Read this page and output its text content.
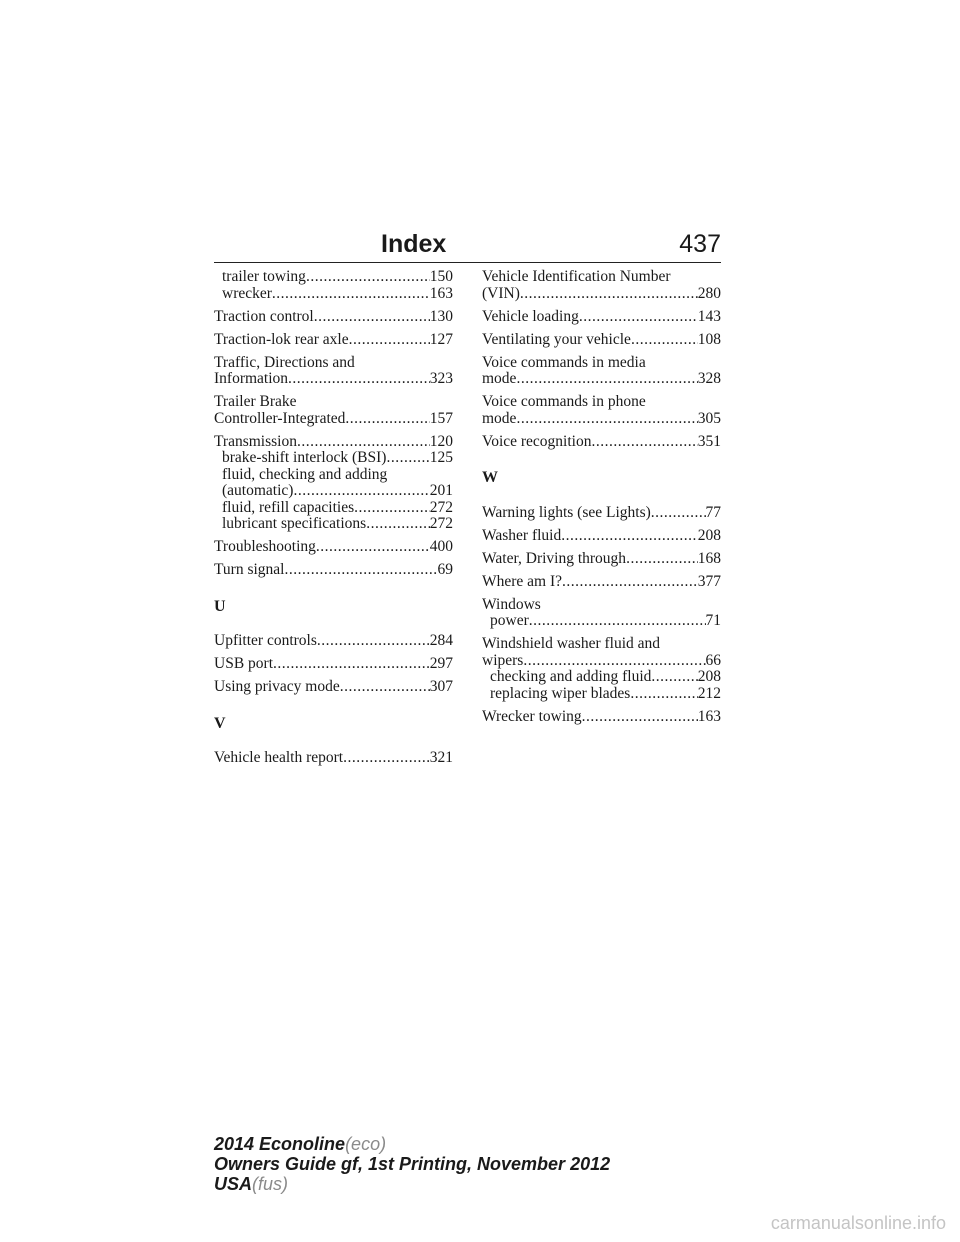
Index	437
trailer towing .....	150
wrecker .....	163
Traction control .....	130
Traction-lok rear axle .....	127
Traffic, Directions and
Information .....	323
Trailer Brake
Controller-Integrated .....	157
Transmission .....	120
brake-shift interlock (BSI) .....	125
fluid, checking and adding
(automatic) .....	201
fluid, refill capacities .....	272
lubricant specifications .....	272
Troubleshooting .....	400
Turn signal .....	69
U
Upfitter controls .....	284
USB port .....	297
Using privacy mode .....	307
V
Vehicle health report .....	321
Vehicle Identification Number
(VIN) .....	280
Vehicle loading .....	143
Ventilating your vehicle .....	108
Voice commands in media
mode .....	328
Voice commands in phone
mode .....	305
Voice recognition .....	351
W
Warning lights (see Lights) .....	77
Washer fluid .....	208
Water, Driving through .....	168
Where am I? .....	377
Windows
power .....	71
Windshield washer fluid and
wipers .....	66
checking and adding fluid .....	208
replacing wiper blades .....	212
Wrecker towing .....	163
2014 Econoline(eco)
Owners Guide gf, 1st Printing, November 2012
USA(fus)
carmanualsonline.info
